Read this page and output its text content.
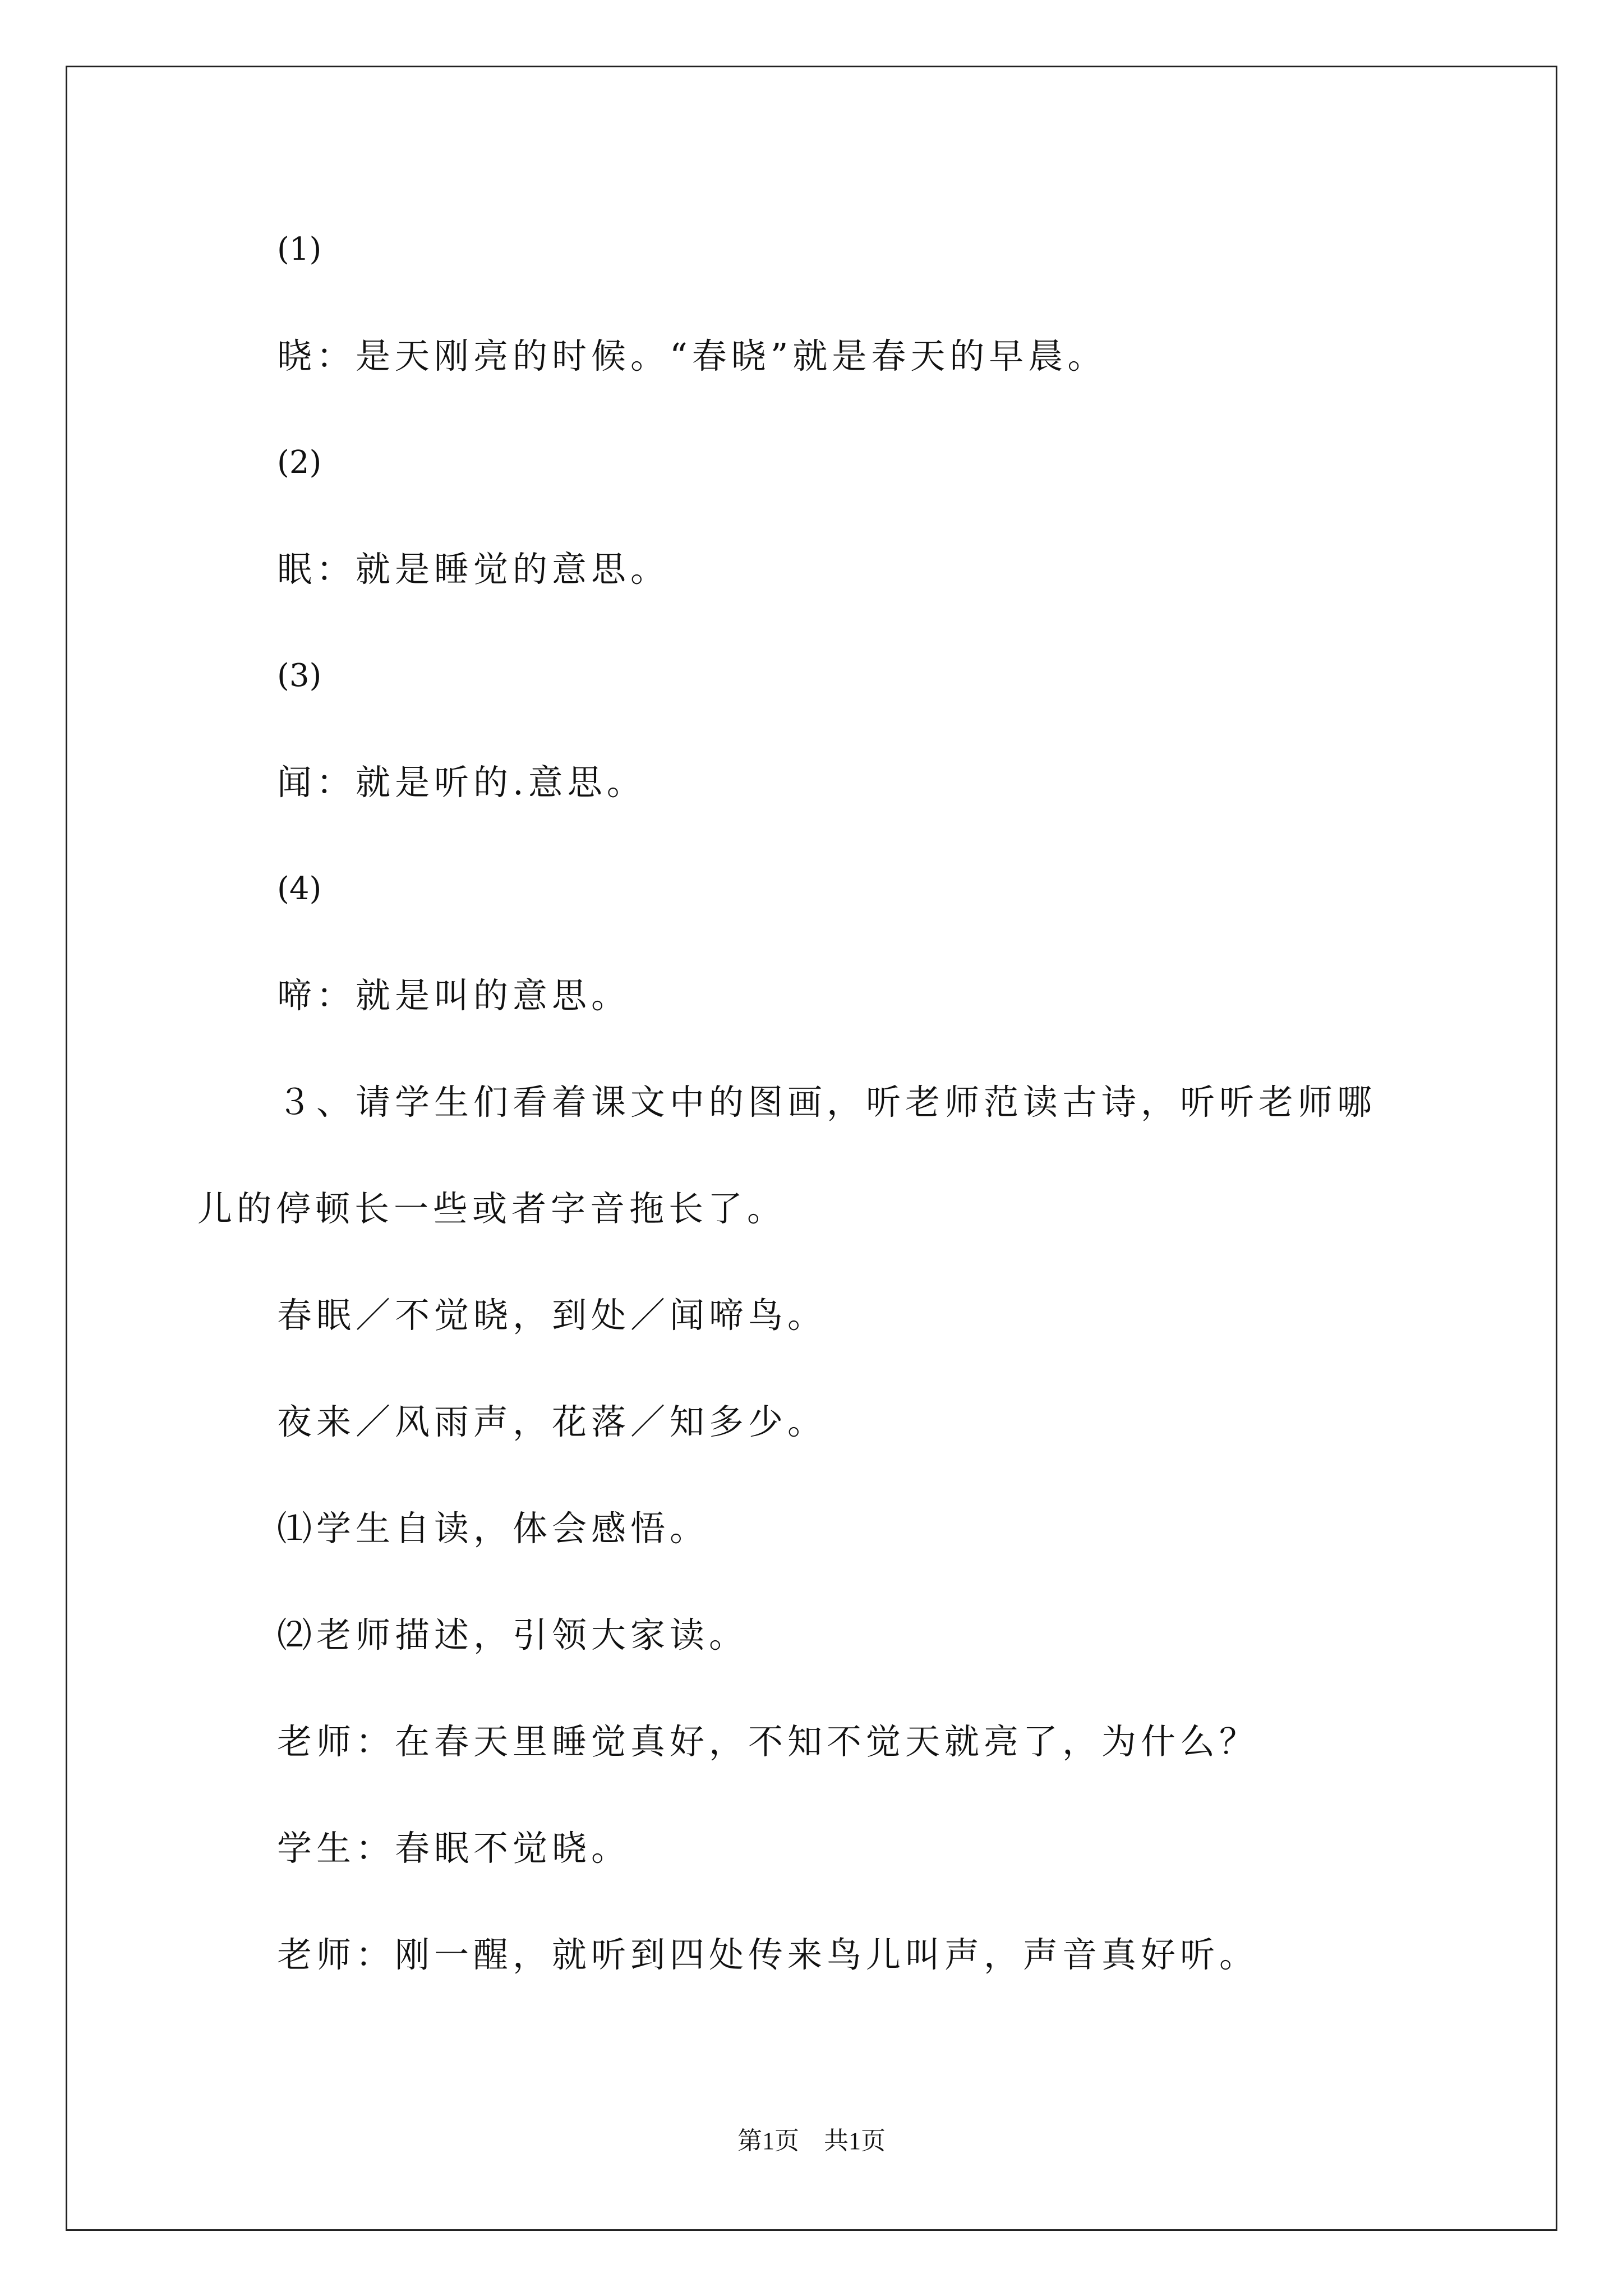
(1)
晓：是天刚亮的时候。“春晓”就是春天的早晨。
(2)
眠：就是睡觉的意思。
(3)
闻：就是听的.意思。
(4)
啼：就是叫的意思。
３、请学生们看着课文中的图画，听老师范读古诗，听听老师哪
儿的停顿长一些或者字音拖长了。
春眠／不觉晓，到处／闻啼鸟。
夜来／风雨声，花落／知多少。
⑴学生自读，体会感悟。
⑵老师描述，引领大家读。
老师：在春天里睡觉真好，不知不觉天就亮了，为什么？
学生：春眠不觉晓。
老师：刚一醒，就听到四处传来鸟儿叫声，声音真好听。
第1页　共1页
